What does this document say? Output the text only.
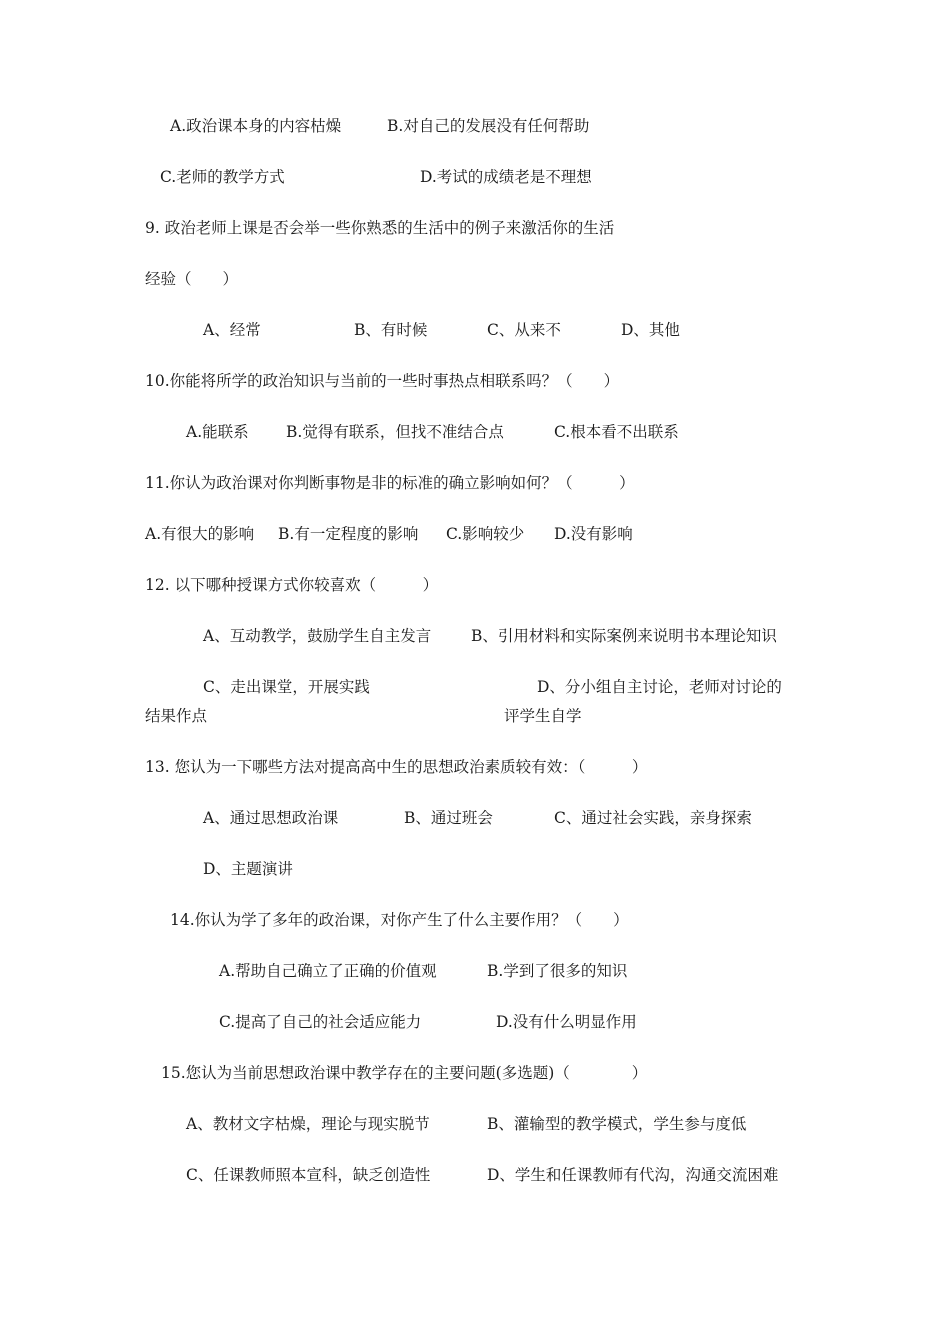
A.政治课本身的内容枯燥	B.对自己的发展没有任何帮助
C.老师的教学方式	D.考试的成绩老是不理想
9. 政治老师上课是否会举一些你熟悉的生活中的例子来激活你的生活
经验（　　）
A、经常	B、有时候	C、从来不	D、其他
10.你能将所学的政治知识与当前的一些时事热点相联系吗？（　　）
A.能联系 B.觉得有联系，但找不准结合点	C.根本看不出联系
11.你认为政治课对你判断事物是非的标准的确立影响如何？（　　　）
A.有很大的影响 B.有一定程度的影响 C.影响较少 D.没有影响
12. 以下哪种授课方式你较喜欢（　　　）
A、互动教学，鼓励学生自主发言	B、引用材料和实际案例来说明书本理论知识
C、走出课堂，开展实践	D、分小组自主讨论，老师对讨论的
结果作点	评学生自学
13. 您认为一下哪些方法对提高高中生的思想政治素质较有效：（　　　）
A、通过思想政治课	B、通过班会	C、通过社会实践，亲身探索
D、主题演讲
14.你认为学了多年的政治课，对你产生了什么主要作用？（　　）
A.帮助自己确立了正确的价值观	B.学到了很多的知识
C.提高了自己的社会适应能力	D.没有什么明显作用
15.您认为当前思想政治课中教学存在的主要问题(多选题)（　　　　）
A、教材文字枯燥，理论与现实脱节	B、灌输型的教学模式，学生参与度低
C、任课教师照本宣科，缺乏创造性	D、学生和任课教师有代沟，沟通交流困难
